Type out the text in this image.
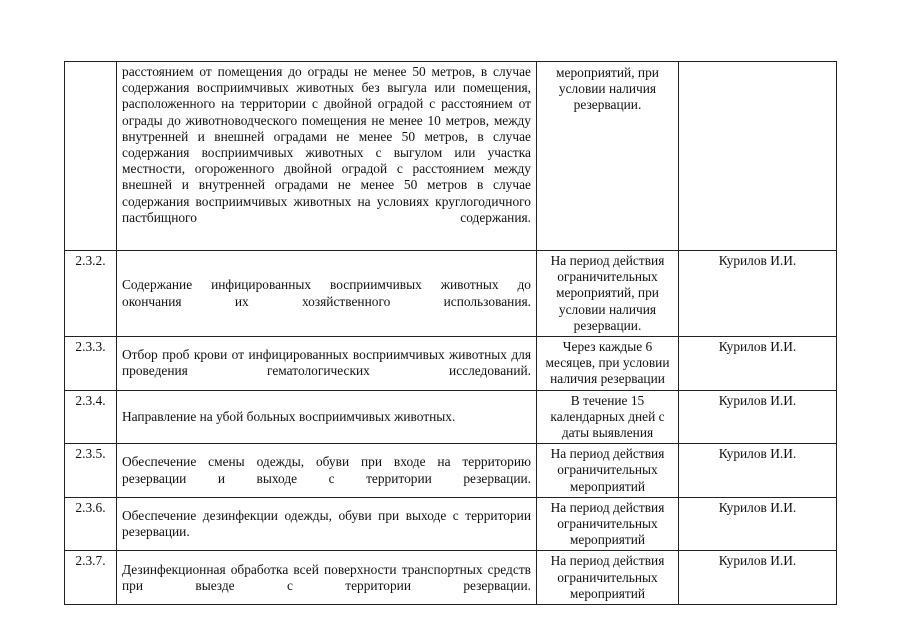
	расстоянием от помещения до ограды не менее 50 метров, в случае содержания восприимчивых животных без выгула или помещения, расположенного на территории с двойной оградой с расстоянием от ограды до животноводческого помещения не менее 10 метров, между внутренней и внешней оградами не менее 50 метров, в случае содержания восприимчивых животных с выгулом или участка местности, огороженного двойной оградой с расстоянием между внешней и внутренней оградами не менее 50 метров в случае содержания восприимчивых животных на условиях круглогодичного пастбищного содержания.	мероприятий, при условии наличия резервации.	
2.3.2.	Содержание инфицированных восприимчивых животных до окончания их хозяйственного использования.	На период действия ограничительных мероприятий, при условии наличия резервации.	Курилов И.И.
2.3.3.	Отбор проб крови от инфицированных восприимчивых животных для проведения гематологических исследований.	Через каждые 6 месяцев, при условии наличия резервации	Курилов И.И.
2.3.4.	Направление на убой больных восприимчивых животных.	В течение 15 календарных дней с даты выявления	Курилов И.И.
2.3.5.	Обеспечение смены одежды, обуви при входе на территорию резервации и выходе с территории резервации.	На период действия ограничительных мероприятий	Курилов И.И.
2.3.6.	Обеспечение дезинфекции одежды, обуви при выходе с территории резервации.	На период действия ограничительных мероприятий	Курилов И.И.
2.3.7.	Дезинфекционная обработка всей поверхности транспортных средств при выезде с территории резервации.	На период действия ограничительных мероприятий	Курилов И.И.
